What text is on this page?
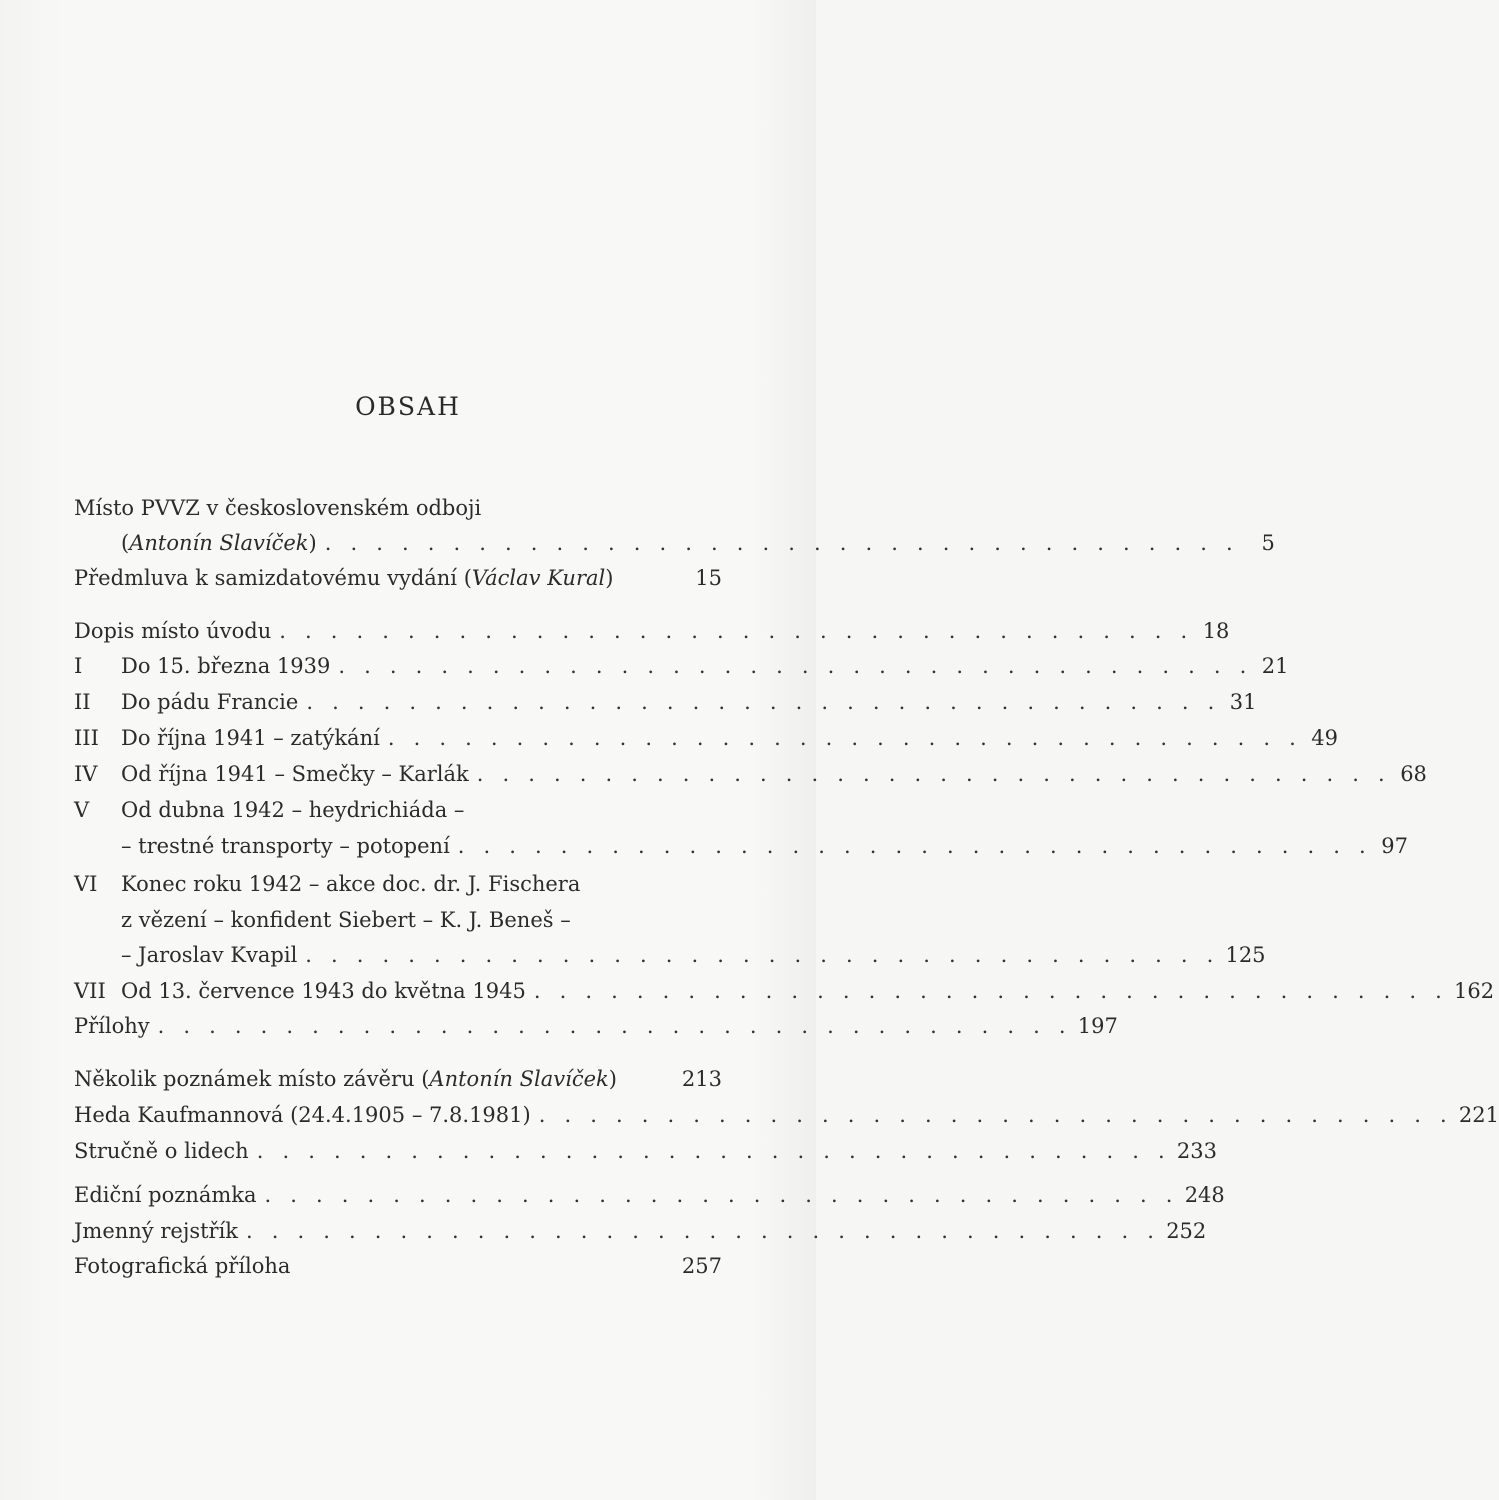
OBSAH
Místo PVVZ v československém odboji
(Antonín Slavíček) . . . . . . . . . . . . . . . . . . . . . . . . . . . . . . . . . . . .	5
Předmluva k samizdatovému vydání (Václav Kural)	15
Dopis místo úvodu . . . . . . . . . . . . . . . . . . . . . . . . . . . . . . . . . . . . 18
I	Do 15. března 1939 . . . . . . . . . . . . . . . . . . . . . . . . . . . . . . . . . . . . 21
II	Do pádu Francie . . . . . . . . . . . . . . . . . . . . . . . . . . . . . . . . . . . . 31
III	Do října 1941 – zatýkání . . . . . . . . . . . . . . . . . . . . . . . . . . . . . . . . . . . . 49
IV	Od října 1941 – Smečky – Karlák . . . . . . . . . . . . . . . . . . . . . . . . . . . . . . . . . . . . 68
V	Od dubna 1942 – heydrichiáda –
– trestné transporty – potopení . . . . . . . . . . . . . . . . . . . . . . . . . . . . . . . . . . . . 97
VI	Konec roku 1942 – akce doc. dr. J. Fischera
z vězení – konfident Siebert – K. J. Beneš –
– Jaroslav Kvapil . . . . . . . . . . . . . . . . . . . . . . . . . . . . . . . . . . . . 125
VII Od 13. července 1943 do května 1945 . . . . . . . . . . . . . . . . . . . . . . . . . . . . . . . . . . . . 162
Přílohy . . . . . . . . . . . . . . . . . . . . . . . . . . . . . . . . . . . . 197
Několik poznámek místo závěru (Antonín Slavíček)	213
Heda Kaufmannová (24.4.1905 – 7.8.1981) . . . . . . . . . . . . . . . . . . . . . . . . . . . . . . . . . . . . 221
Stručně o lidech . . . . . . . . . . . . . . . . . . . . . . . . . . . . . . . . . . . . 233
Ediční poznámka . . . . . . . . . . . . . . . . . . . . . . . . . . . . . . . . . . . . 248
Jmenný rejstřík . . . . . . . . . . . . . . . . . . . . . . . . . . . . . . . . . . . . 252
Fotografická příloha	257
